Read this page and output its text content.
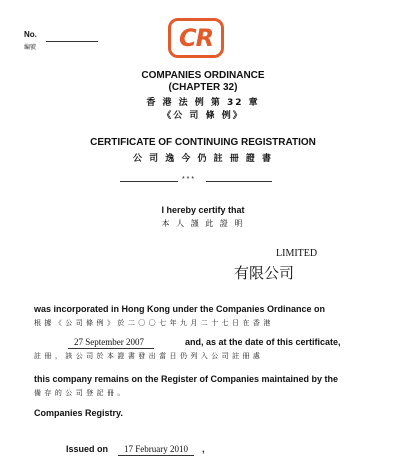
No.
編號	CR
COMPANIES ORDINANCE
(CHAPTER 32)
香 港 法 例 第 32 章
《公 司 條 例》
CERTIFICATE OF CONTINUING REGISTRATION
公 司 逸 今 仍 註 冊 證 書
* * *
I hereby certify that
本 人 謹 此 證 明
LIMITED
有限公司
was incorporated in Hong Kong under the Companies Ordinance on
根 據 《 公 司 條 例 》 於 二 〇 〇 七 年 九 月 二 十 七 日 在 香 港
27 September 2007	and, as at the date of this certificate,
註 冊 ， 該 公 司 於 本 證 書 發 出 當 日 仍 列 入 公 司 註 冊 處
this company remains on the Register of Companies maintained by the
備 存 的 公 司 登 記 冊 。
Companies Registry.
Issued on 17 February 2010 ,
